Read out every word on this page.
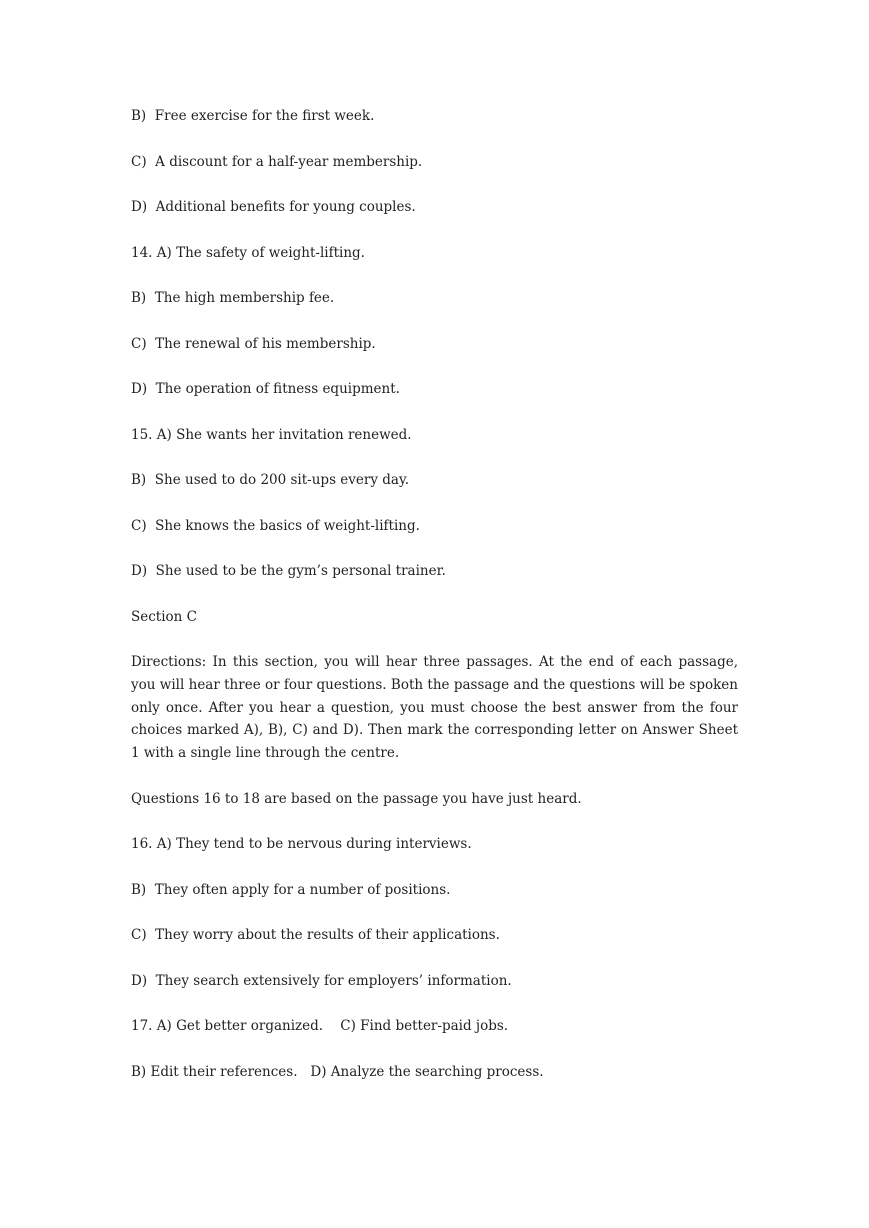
B)  Free exercise for the first week.
C)  A discount for a half-year membership.
D)  Additional benefits for young couples.
14. A) The safety of weight-lifting.
B)  The high membership fee.
C)  The renewal of his membership.
D)  The operation of fitness equipment.
15. A) She wants her invitation renewed.
B)  She used to do 200 sit-ups every day.
C)  She knows the basics of weight-lifting.
D)  She used to be the gym’s personal trainer.
Section C
Directions: In this section, you will hear three passages. At the end of each passage, you will hear three or four questions. Both the passage and the questions will be spoken only once. After you hear a question, you must choose the best answer from the four choices marked A), B), C) and D). Then mark the corresponding letter on Answer Sheet 1 with a single line through the centre.
Questions 16 to 18 are based on the passage you have just heard.
16. A) They tend to be nervous during interviews.
B)  They often apply for a number of positions.
C)  They worry about the results of their applications.
D)  They search extensively for employers’ information.
17. A) Get better organized.    C) Find better-paid jobs.
B) Edit their references.   D) Analyze the searching process.
